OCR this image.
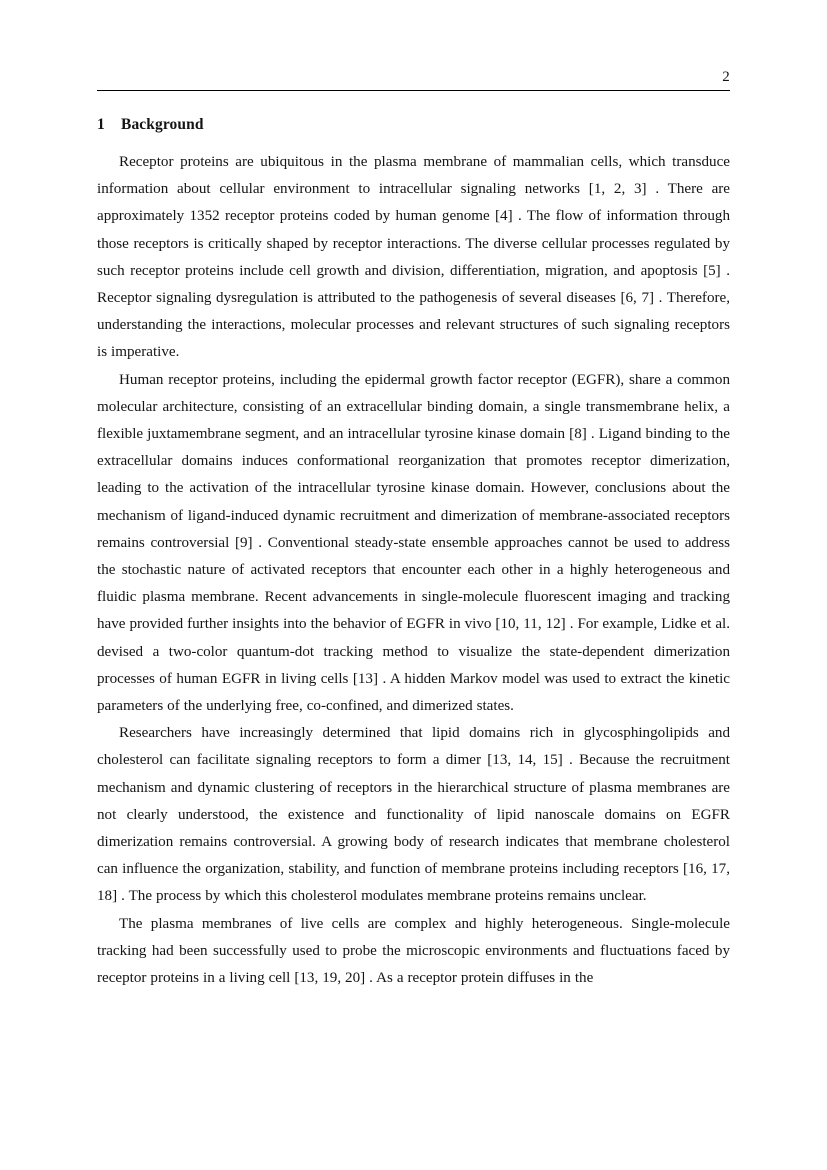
2
1 Background

Receptor proteins are ubiquitous in the plasma membrane of mammalian cells, which transduce information about cellular environment to intracellular signaling networks [1, 2, 3] . There are approximately 1352 receptor proteins coded by human genome [4] . The flow of information through those receptors is critically shaped by receptor interactions. The diverse cellular processes regulated by such receptor proteins include cell growth and division, differentiation, migration, and apoptosis [5] . Receptor signaling dysregulation is attributed to the pathogenesis of several diseases [6, 7] . Therefore, understanding the interactions, molecular processes and relevant structures of such signaling receptors is imperative.

Human receptor proteins, including the epidermal growth factor receptor (EGFR), share a common molecular architecture, consisting of an extracellular binding domain, a single transmembrane helix, a flexible juxtamembrane segment, and an intracellular tyrosine kinase domain [8] . Ligand binding to the extracellular domains induces conformational reorganization that promotes receptor dimerization, leading to the activation of the intracellular tyrosine kinase domain. However, conclusions about the mechanism of ligand-induced dynamic recruitment and dimerization of membrane-associated receptors remains controversial [9] . Conventional steady-state ensemble approaches cannot be used to address the stochastic nature of activated receptors that encounter each other in a highly heterogeneous and fluidic plasma membrane. Recent advancements in single-molecule fluorescent imaging and tracking have provided further insights into the behavior of EGFR in vivo [10, 11, 12] . For example, Lidke et al. devised a two-color quantum-dot tracking method to visualize the state-dependent dimerization processes of human EGFR in living cells [13] . A hidden Markov model was used to extract the kinetic parameters of the underlying free, co-confined, and dimerized states.

Researchers have increasingly determined that lipid domains rich in glycosphingolipids and cholesterol can facilitate signaling receptors to form a dimer [13, 14, 15] . Because the recruitment mechanism and dynamic clustering of receptors in the hierarchical structure of plasma membranes are not clearly understood, the existence and functionality of lipid nanoscale domains on EGFR dimerization remains controversial. A growing body of research indicates that membrane cholesterol can influence the organization, stability, and function of membrane proteins including receptors [16, 17, 18] . The process by which this cholesterol modulates membrane proteins remains unclear.

The plasma membranes of live cells are complex and highly heterogeneous. Single-molecule tracking had been successfully used to probe the microscopic environments and fluctuations faced by receptor proteins in a living cell [13, 19, 20] . As a receptor protein diffuses in the
